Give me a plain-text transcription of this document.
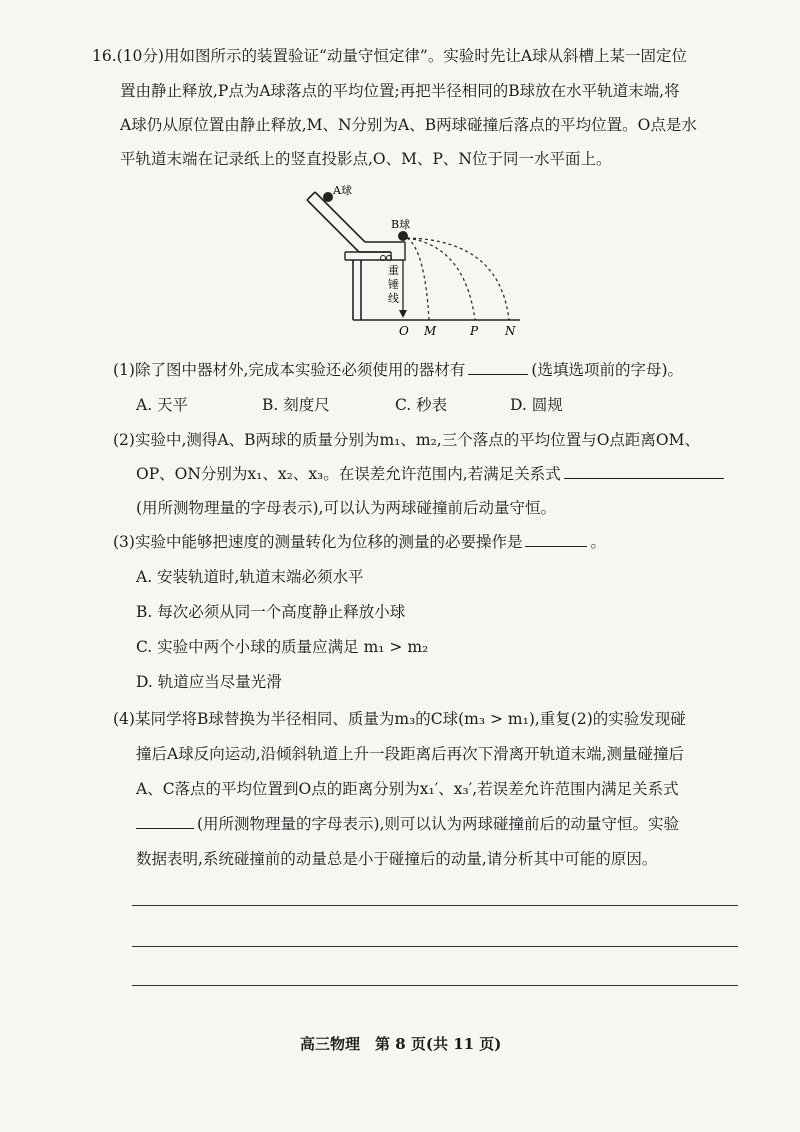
16.(10分)用如图所示的装置验证“动量守恒定律”。实验时先让A球从斜槽上某一固定位
置由静止释放,P点为A球落点的平均位置;再把半径相同的B球放在水平轨道末端,将
A球仍从原位置由静止释放,M、N分别为A、B两球碰撞后落点的平均位置。O点是水
平轨道末端在记录纸上的竖直投影点,O、M、P、N位于同一水平面上。
A球
B球
重
锤
线
O M	P N
(1)除了图中器材外,完成本实验还必须使用的器材有	(选填选项前的字母)。
A. 天平	B. 刻度尺	C. 秒表	D. 圆规
(2)实验中,测得A、B两球的质量分别为m₁、m₂,三个落点的平均位置与O点距离OM、
OP、ON分别为x₁、x₂、x₃。在误差允许范围内,若满足关系式
(用所测物理量的字母表示),可以认为两球碰撞前后动量守恒。
(3)实验中能够把速度的测量转化为位移的测量的必要操作是	。
A. 安装轨道时,轨道末端必须水平
B. 每次必须从同一个高度静止释放小球
C. 实验中两个小球的质量应满足 m₁ > m₂
D. 轨道应当尽量光滑
(4)某同学将B球替换为半径相同、质量为m₃的C球(m₃ > m₁),重复(2)的实验发现碰
撞后A球反向运动,沿倾斜轨道上升一段距离后再次下滑离开轨道末端,测量碰撞后
A、C落点的平均位置到O点的距离分别为x₁′、x₃′,若误差允许范围内满足关系式
(用所测物理量的字母表示),则可以认为两球碰撞前后的动量守恒。实验
数据表明,系统碰撞前的动量总是小于碰撞后的动量,请分析其中可能的原因。
高三物理　第 8 页(共 11 页)
